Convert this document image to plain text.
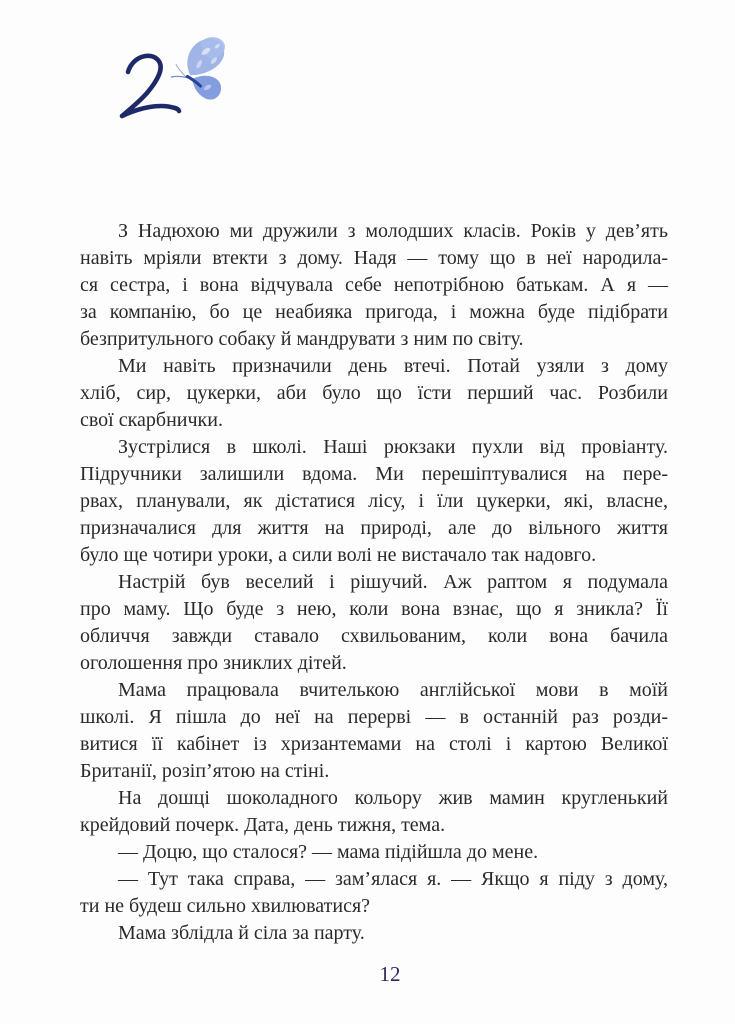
З Надюхою ми дружили з молодших класів. Років у дев’ять
навіть мріяли втекти з дому. Надя — тому що в неї народила-
ся сестра, і вона відчувала себе непотрібною батькам. А я —
за компанію, бо це неабияка пригода, і можна буде підібрати
безпритульного собаку й мандрувати з ним по світу.
Ми навіть призначили день втечі. Потай узяли з дому
хліб, сир, цукерки, аби було що їсти перший час. Розбили
свої скарбнички.
Зустрілися в школі. Наші рюкзаки пухли від провіанту.
Підручники залишили вдома. Ми перешіптувалися на пере-
рвах, планували, як дістатися лісу, і їли цукерки, які, власне,
призначалися для життя на природі, але до вільного життя
було ще чотири уроки, а сили волі не вистачало так надовго.
Настрій був веселий і рішучий. Аж раптом я подумала
про маму. Що буде з нею, коли вона взнає, що я зникла? Її
обличчя завжди ставало схвильованим, коли вона бачила
оголошення про зниклих дітей.
Мама працювала вчителькою англійської мови в моїй
школі. Я пішла до неї на перерві — в останній раз розди-
витися її кабінет із хризантемами на столі і картою Великої
Британії, розіп’ятою на стіні.
На дошці шоколадного кольору жив мамин кругленький
крейдовий почерк. Дата, день тижня, тема.
— Доцю, що сталося? — мама підійшла до мене.
— Тут така справа, — зам’ялася я. — Якщо я піду з дому,
ти не будеш сильно хвилюватися?
Мама зблідла й сіла за парту.
12
